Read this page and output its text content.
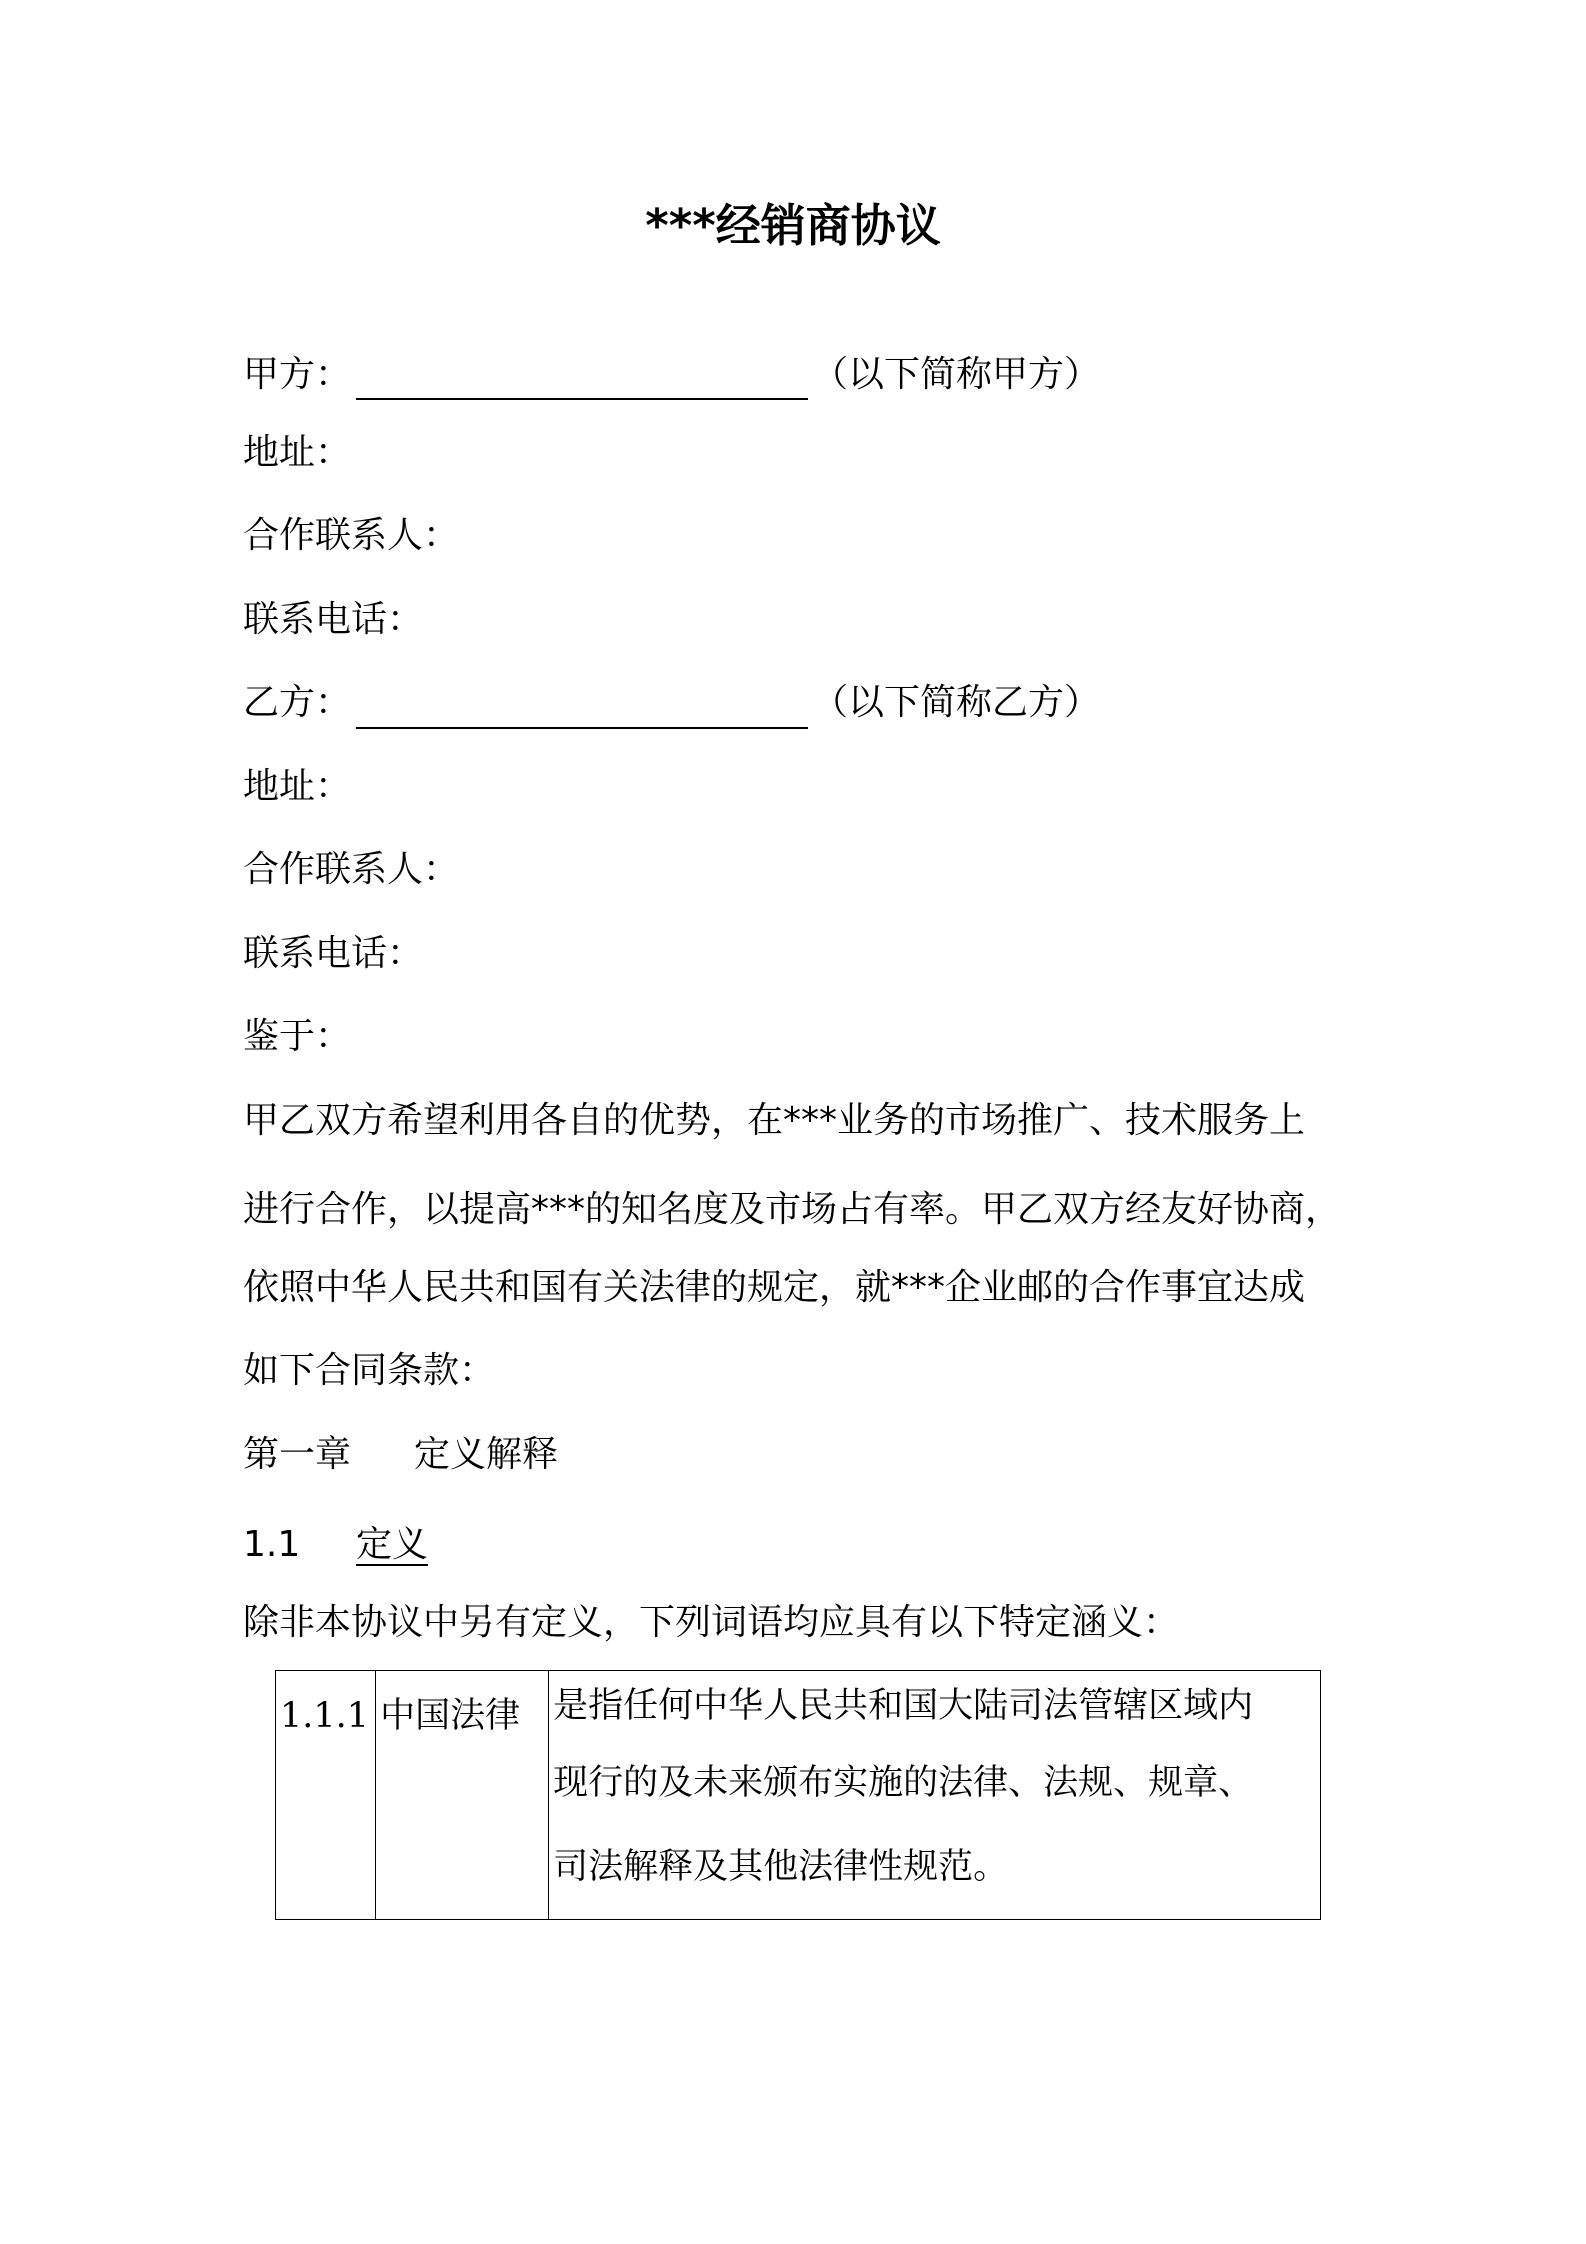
***经销商协议
甲方：	（以下简称甲方）
地址：
合作联系人：
联系电话：
乙方：	（以下简称乙方）
地址：
合作联系人：
联系电话：
鉴于：
甲乙双方希望利用各自的优势，在***业务的市场推广、技术服务上
进行合作，以提高***的知名度及市场占有率。甲乙双方经友好协商，
依照中华人民共和国有关法律的规定，就***企业邮的合作事宜达成
如下合同条款：
第一章 定义解释
1.1 定义
除非本协议中另有定义，下列词语均应具有以下特定涵义：
1.1.1	中国法律	是指任何中华人民共和国大陆司法管辖区域内
现行的及未来颁布实施的法律、法规、规章、
司法解释及其他法律性规范。
